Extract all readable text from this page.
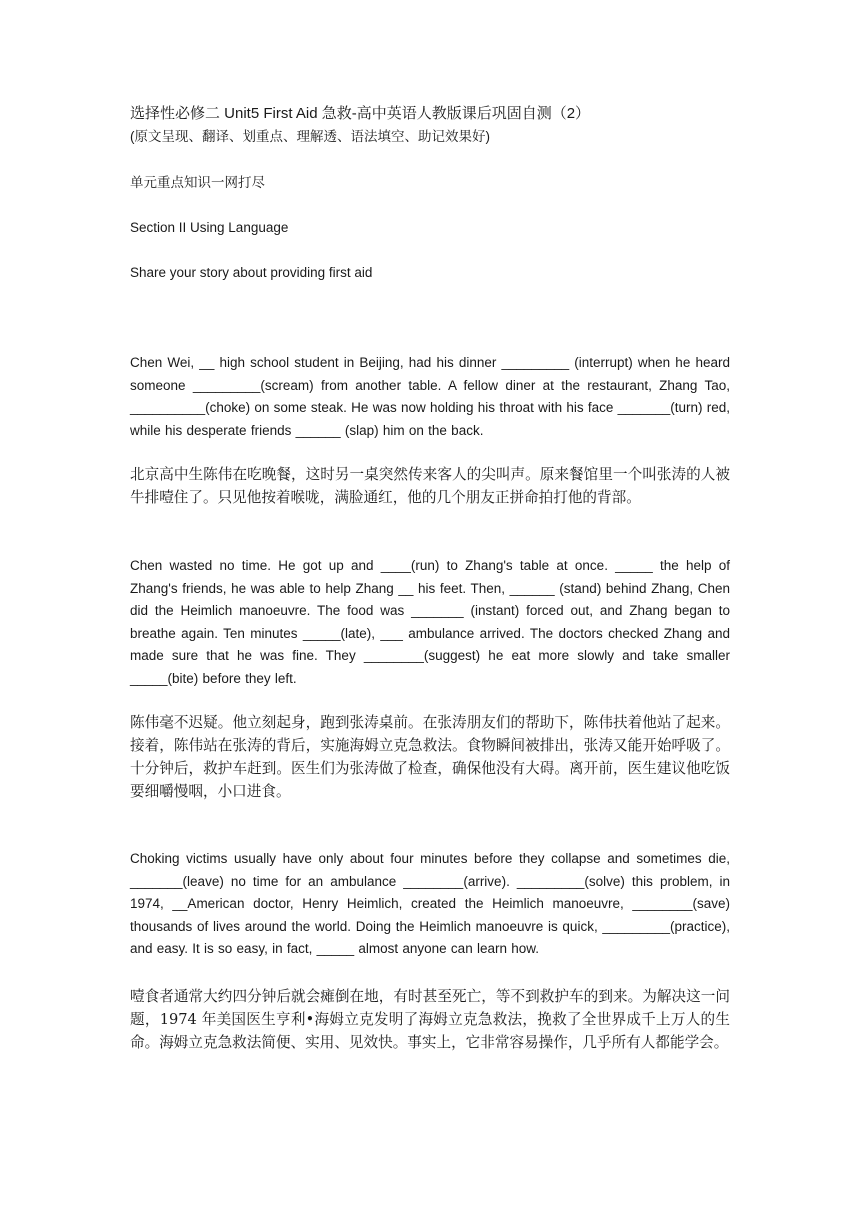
选择性必修二 Unit5 First Aid 急救-高中英语人教版课后巩固自测（2）
(原文呈现、翻译、划重点、理解透、语法填空、助记效果好)
单元重点知识一网打尽
Section II Using Language
Share your story about providing first aid
Chen Wei, __ high school student in Beijing, had his dinner _________ (interrupt) when he heard someone _________(scream) from another table. A fellow diner at the restaurant, Zhang Tao, __________(choke) on some steak. He was now holding his throat with his face _______(turn) red, while his desperate friends ______ (slap) him on the back.
北京高中生陈伟在吃晚餐，这时另一桌突然传来客人的尖叫声。原来餐馆里一个叫张涛的人被牛排噎住了。只见他按着喉咙，满脸通红，他的几个朋友正拼命拍打他的背部。
Chen wasted no time. He got up and ____(run) to Zhang's table at once. _____ the help of Zhang's friends, he was able to help Zhang __ his feet. Then, ______ (stand) behind Zhang, Chen did the Heimlich manoeuvre. The food was _______ (instant) forced out, and Zhang began to breathe again. Ten minutes _____(late), ___ ambulance arrived. The doctors checked Zhang and made sure that he was fine. They ________(suggest) he eat more slowly and take smaller _____(bite) before they left.
陈伟毫不迟疑。他立刻起身，跑到张涛桌前。在张涛朋友们的帮助下，陈伟扶着他站了起来。接着，陈伟站在张涛的背后，实施海姆立克急救法。食物瞬间被排出，张涛又能开始呼吸了。十分钟后，救护车赶到。医生们为张涛做了检查，确保他没有大碍。离开前，医生建议他吃饭要细嚼慢咽，小口进食。
Choking victims usually have only about four minutes before they collapse and sometimes die, _______(leave) no time for an ambulance ________(arrive). _________(solve) this problem, in 1974, __American doctor, Henry Heimlich, created the Heimlich manoeuvre, ________(save) thousands of lives around the world. Doing the Heimlich manoeuvre is quick, _________(practice), and easy. It is so easy, in fact, _____ almost anyone can learn how.
噎食者通常大约四分钟后就会瘫倒在地，有时甚至死亡，等不到救护车的到来。为解决这一问题，1974 年美国医生亨利•海姆立克发明了海姆立克急救法，挽救了全世界成千上万人的生命。海姆立克急救法简便、实用、见效快。事实上，它非常容易操作，几乎所有人都能学会。
